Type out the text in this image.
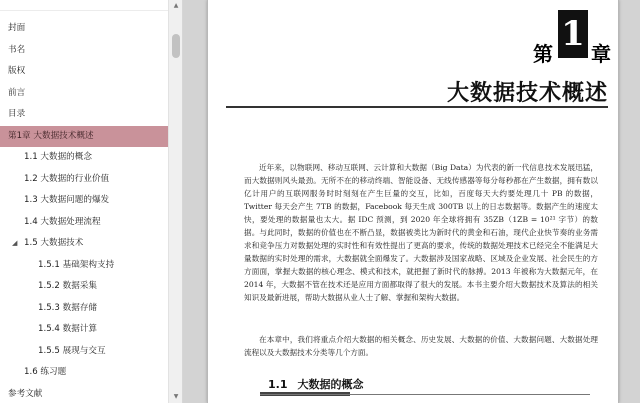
封面
书名
版权
前言
目录
第1章 大数据技术概述
1.1 大数据的概念
1.2 大数据的行业价值
1.3 大数据问题的爆发
1.4 大数据处理流程
◢ 1.5 大数据技术
1.5.1 基础架构支持
1.5.2 数据采集
1.5.3 数据存储
1.5.4 数据计算
1.5.5 展现与交互
1.6 练习题
参考文献
▲
▼
第 1 章
大数据技术概述
近年来，以物联网、移动互联网、云计算和大数据（Big Data）为代表的新一代信息技术发展迅猛，而大数据则风头最劲。无所不在的移动终端、智能设备、无线传感器等每分每秒都在产生数据，拥有数以亿计用户的互联网服务时时刻刻在产生巨量的交互，比如，百度每天大约要处理几十 PB 的数据，Twitter 每天会产生 7TB 的数据，Facebook 每天生成 300TB 以上的日志数据等。数据产生的速度太快，要处理的数据量也太大。据 IDC 预测，到 2020 年全球将拥有 35ZB（1ZB = 10²¹ 字节）的数据。与此同时，数据的价值也在不断凸显，数据被类比为新时代的黄金和石油，现代企业快节奏的业务需求和竞争压力对数据处理的实时性和有效性提出了更高的要求，传统的数据处理技术已经完全不能满足大量数据的实时处理的需求，大数据就全面爆发了。大数据涉及国家战略、区域及企业发展、社会民生的方方面面，掌握大数据的核心理念、模式和技术，就把握了新时代的脉搏。2013 年被称为大数据元年，在 2014 年，大数据不管在技术还是应用方面都取得了很大的发展。本书主要介绍大数据技术及算法的相关知识及最新进展，帮助大数据从业人士了解、掌握和架构大数据。
在本章中，我们将重点介绍大数据的相关概念、历史发展、大数据的价值、大数据问题、大数据处理流程以及大数据技术分类等几个方面。
1.1 大数据的概念
